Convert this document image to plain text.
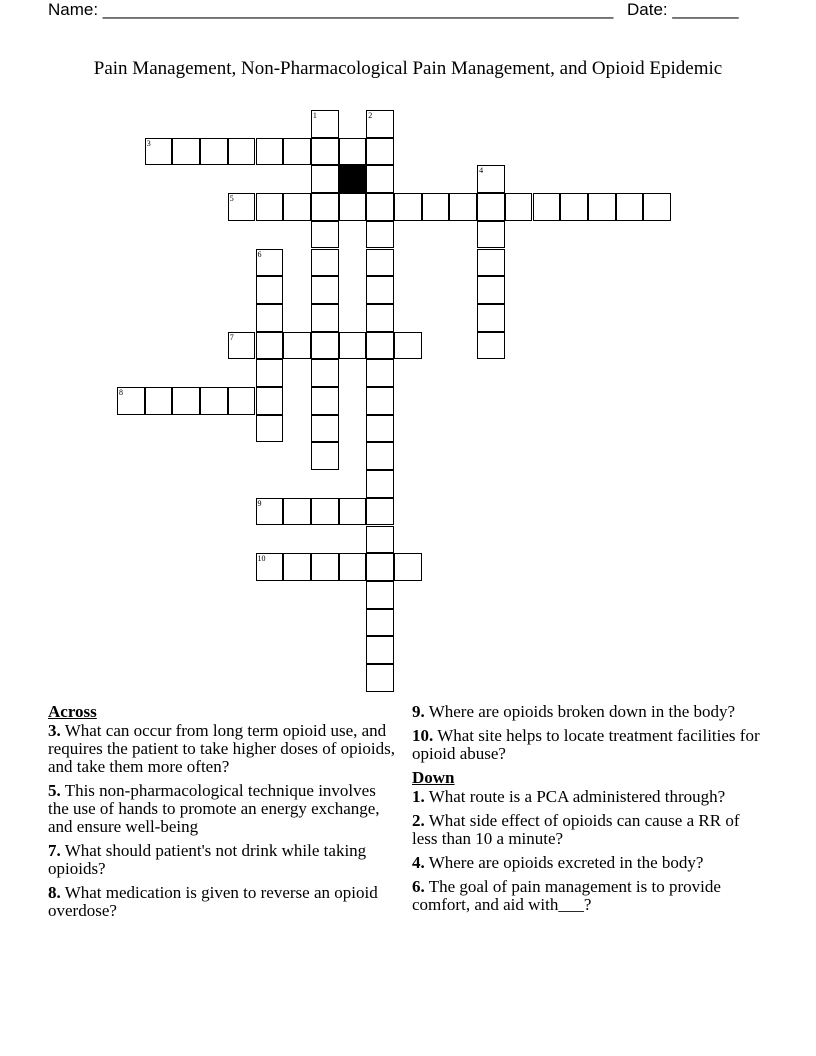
Name: ______________________________________________________ Date: _______
Pain Management, Non-Pharmacological Pain Management, and Opioid Epidemic
3
5
7
8
9
10
1	2
4
6
Across
3. What can occur from long term opioid use, and requires the patient to take higher doses of opioids, and take them more often?
5. This non-pharmacological technique involves the use of hands to promote an energy exchange, and ensure well-being
7. What should patient's not drink while taking opioids?
8. What medication is given to reverse an opioid overdose?
9. Where are opioids broken down in the body?
10. What site helps to locate treatment facilities for opioid abuse?
Down
1. What route is a PCA administered through?
2. What side effect of opioids can cause a RR of less than 10 a minute?
4. Where are opioids excreted in the body?
6. The goal of pain management is to provide comfort, and aid with___?
